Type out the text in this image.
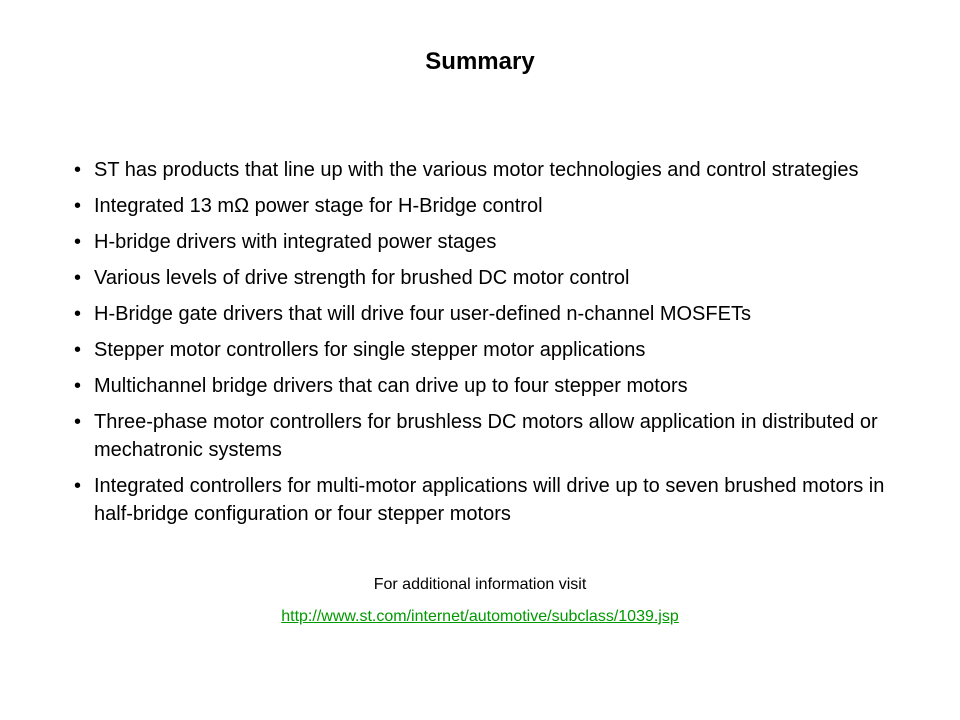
Summary
• ST has products that line up with the various motor technologies and control strategies
• Integrated 13 mΩ power stage for H-Bridge control
• H-bridge drivers with integrated power stages
• Various levels of drive strength for brushed DC motor control
• H-Bridge gate drivers that will drive four user-defined n-channel MOSFETs
• Stepper motor controllers for single stepper motor applications
• Multichannel bridge drivers that can drive up to four stepper motors
• Three-phase motor controllers for brushless DC motors allow application in distributed or mechatronic systems
• Integrated controllers for multi-motor applications will drive up to seven brushed motors in half-bridge configuration or four stepper motors
For additional information visit
http://www.st.com/internet/automotive/subclass/1039.jsp
